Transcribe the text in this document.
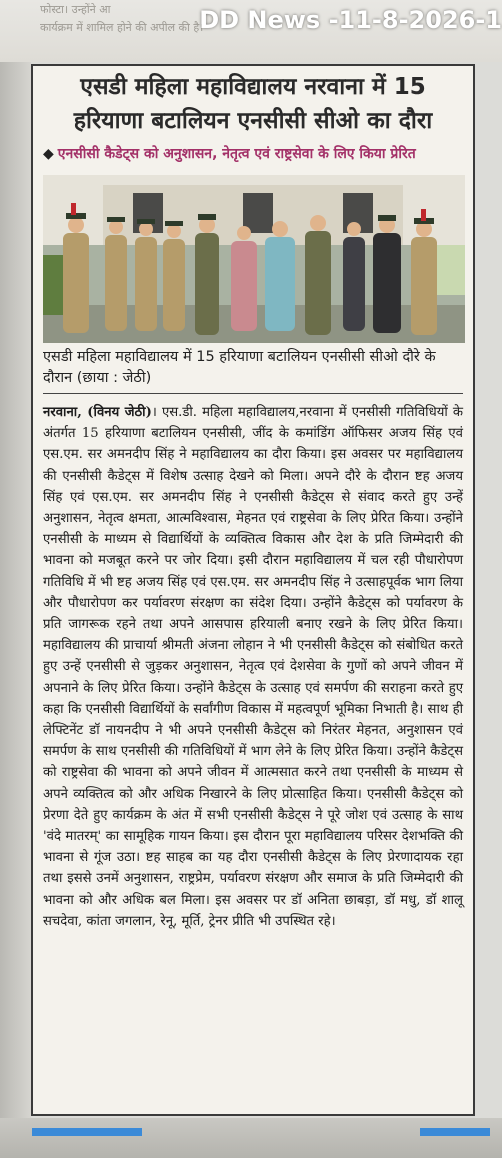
फोस्टा। उन्होंने आ
कार्यक्रम में शामिल होने की अपील की है।
DD News -11-8-2026-1
एसडी महिला महाविद्यालय नरवाना में 15
हरियाणा बटालियन एनसीसी सीओ का दौरा
◆ एनसीसी कैडेट्स को अनुशासन, नेतृत्व एवं राष्ट्रसेवा के लिए किया प्रेरित
एसडी महिला महाविद्यालय में 15 हरियाणा बटालियन एनसीसी सीओ दौरे के दौरान (छाया : जेठी)
नरवाना, (विनय जेठी)। एस.डी. महिला महाविद्यालय,नरवाना में एनसीसी गतिविधियों के अंतर्गत 15 हरियाणा बटालियन एनसीसी, जींद के कमांडिंग ऑफिसर अजय सिंह एवं एस.एम. सर अमनदीप सिंह ने महाविद्यालय का दौरा किया। इस अवसर पर महाविद्यालय की एनसीसी कैडेट्स में विशेष उत्साह देखने को मिला। अपने दौरे के दौरान ष्टह अजय सिंह एवं एस.एम. सर अमनदीप सिंह ने एनसीसी कैडेट्स से संवाद करते हुए उन्हें अनुशासन, नेतृत्व क्षमता, आत्मविश्वास, मेहनत एवं राष्ट्रसेवा के लिए प्रेरित किया। उन्होंने एनसीसी के माध्यम से विद्यार्थियों के व्यक्तित्व विकास और देश के प्रति जिम्मेदारी की भावना को मजबूत करने पर जोर दिया। इसी दौरान महाविद्यालय में चल रही पौधारोपण गतिविधि में भी ष्टह अजय सिंह एवं एस.एम. सर अमनदीप सिंह ने उत्साहपूर्वक भाग लिया और पौधारोपण कर पर्यावरण संरक्षण का संदेश दिया। उन्होंने कैडेट्स को पर्यावरण के प्रति जागरूक रहने तथा अपने आसपास हरियाली बनाए रखने के लिए प्रेरित किया। महाविद्यालय की प्राचार्या श्रीमती अंजना लोहान ने भी एनसीसी कैडेट्स को संबोधित करते हुए उन्हें एनसीसी से जुड़कर अनुशासन, नेतृत्व एवं देशसेवा के गुणों को अपने जीवन में अपनाने के लिए प्रेरित किया। उन्होंने कैडेट्स के उत्साह एवं समर्पण की सराहना करते हुए कहा कि एनसीसी विद्यार्थियों के सर्वांगीण विकास में महत्वपूर्ण भूमिका निभाती है। साथ ही लेफ्टिनेंट डॉ नायनदीप ने भी अपने एनसीसी कैडेट्स को निरंतर मेहनत, अनुशासन एवं समर्पण के साथ एनसीसी की गतिविधियों में भाग लेने के लिए प्रेरित किया। उन्होंने कैडेट्स को राष्ट्रसेवा की भावना को अपने जीवन में आत्मसात करने तथा एनसीसी के माध्यम से अपने व्यक्तित्व को और अधिक निखारने के लिए प्रोत्साहित किया। एनसीसी कैडेट्स को प्रेरणा देते हुए कार्यक्रम के अंत में सभी एनसीसी कैडेट्स ने पूरे जोश एवं उत्साह के साथ 'वंदे मातरम्' का सामूहिक गायन किया। इस दौरान पूरा महाविद्यालय परिसर देशभक्ति की भावना से गूंज उठा। ष्टह साहब का यह दौरा एनसीसी कैडेट्स के लिए प्रेरणादायक रहा तथा इससे उनमें अनुशासन, राष्ट्रप्रेम, पर्यावरण संरक्षण और समाज के प्रति जिम्मेदारी की भावना को और अधिक बल मिला। इस अवसर पर डॉ अनिता छाबड़ा, डॉ मधु, डॉ शालू सचदेवा, कांता जगलान, रेनू, मूर्ति, ट्रेनर प्रीति भी उपस्थित रहे।
